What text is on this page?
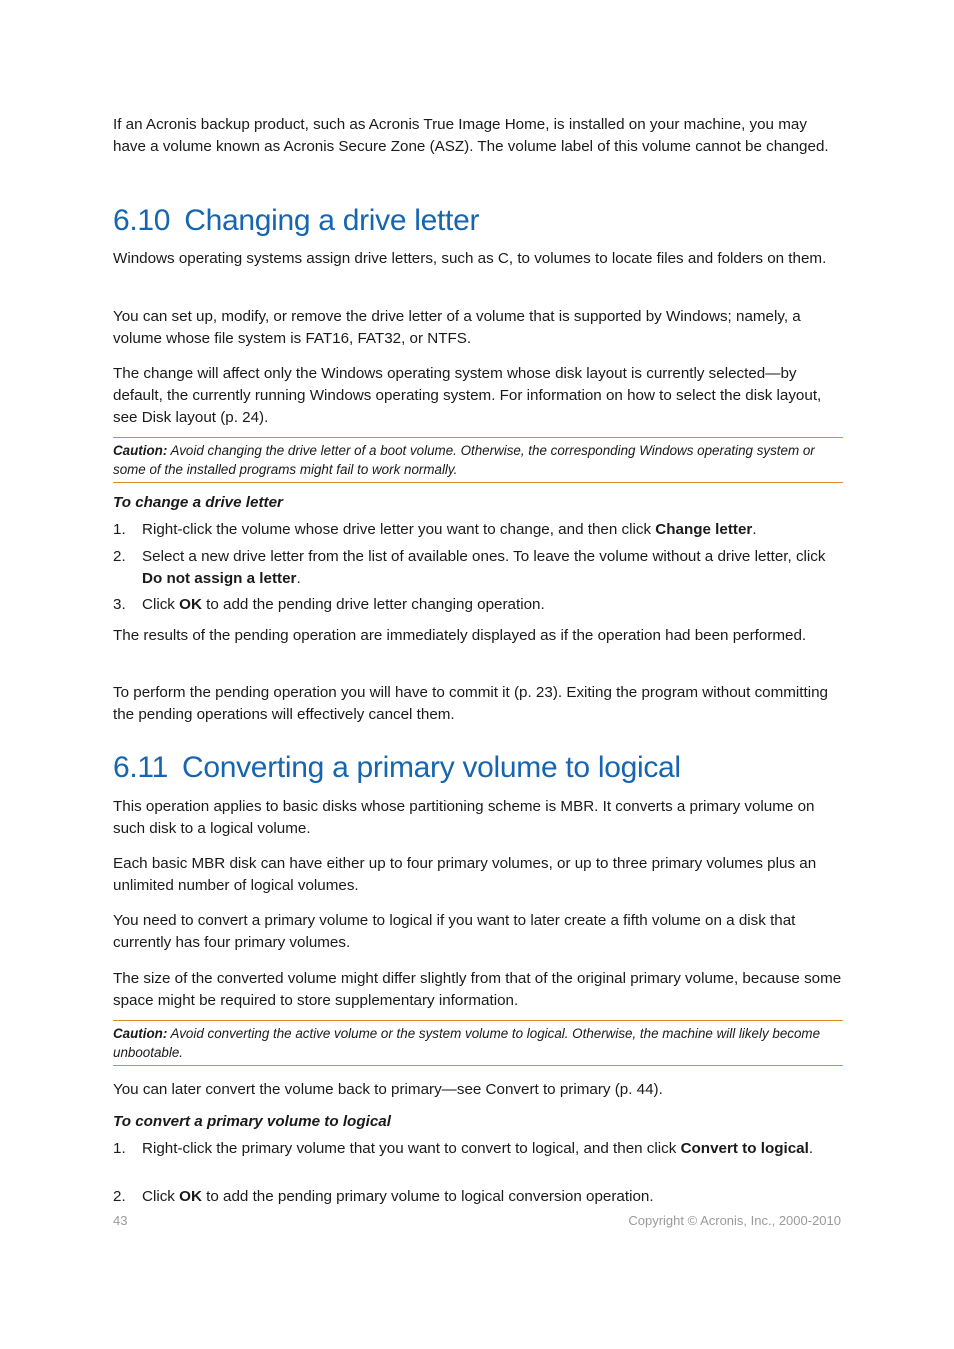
If an Acronis backup product, such as Acronis True Image Home, is installed on your machine, you may have a volume known as Acronis Secure Zone (ASZ). The volume label of this volume cannot be changed.

6.10 Changing a drive letter

Windows operating systems assign drive letters, such as C, to volumes to locate files and folders on them.

You can set up, modify, or remove the drive letter of a volume that is supported by Windows; namely, a volume whose file system is FAT16, FAT32, or NTFS.

The change will affect only the Windows operating system whose disk layout is currently selected—by default, the currently running Windows operating system. For information on how to select the disk layout, see Disk layout (p. 24).

Caution: Avoid changing the drive letter of a boot volume. Otherwise, the corresponding Windows operating system or some of the installed programs might fail to work normally.

To change a drive letter
1.	Right-click the volume whose drive letter you want to change, and then click Change letter.
2.	Select a new drive letter from the list of available ones. To leave the volume without a drive letter, click Do not assign a letter.
3.	Click OK to add the pending drive letter changing operation.

The results of the pending operation are immediately displayed as if the operation had been performed.

To perform the pending operation you will have to commit it (p. 23). Exiting the program without committing the pending operations will effectively cancel them.

6.11 Converting a primary volume to logical

This operation applies to basic disks whose partitioning scheme is MBR. It converts a primary volume on such disk to a logical volume.

Each basic MBR disk can have either up to four primary volumes, or up to three primary volumes plus an unlimited number of logical volumes.

You need to convert a primary volume to logical if you want to later create a fifth volume on a disk that currently has four primary volumes.

The size of the converted volume might differ slightly from that of the original primary volume, because some space might be required to store supplementary information.

Caution: Avoid converting the active volume or the system volume to logical. Otherwise, the machine will likely become unbootable.

You can later convert the volume back to primary—see Convert to primary (p. 44).

To convert a primary volume to logical
1.	Right-click the primary volume that you want to convert to logical, and then click Convert to logical.
2.	Click OK to add the pending primary volume to logical conversion operation.
43	Copyright © Acronis, Inc., 2000-2010
